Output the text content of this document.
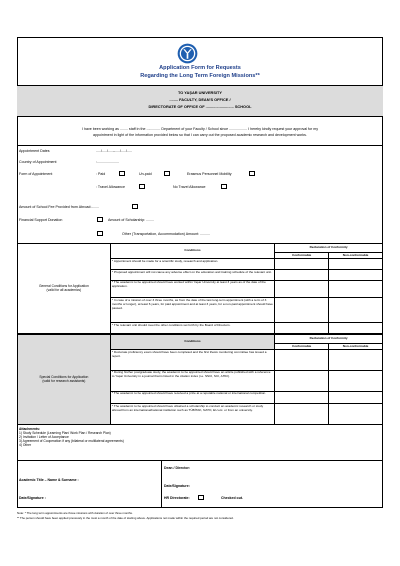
Application Form for Requests
Regarding the Long Term Foreign Missions**
TO YAŞAR UNIVERSITY
........ FACULTY, DEAN'S OFFICE /
DIRECTORATE OF OFFICE OF .......................... SCHOOL
I have been working as ........ staff in the .............. Department of your Faculty / School since .................. I hereby kindly request your approval for my
appointment in light of the information provided below so that I can carry out the proposed academic research and development works.
Appointment Dates	...../...../.....–...../...../.....
Country of Appointment	:......................
Form of Appointment	: Paid	Un-paid	Erasmus Personnel Mobility
: Travel Allowance	No Travel Allowance
Amount of School Fee Provided from Abroad:........
Financial Support Donation	Amount of Scholarship: ........
Other (Transportation, Accommodation) Amount: ..........
General Conditions for Application
(valid for all academics)	Conditions	Declaration of Conformity	
		Conformable	Non-conformable
	* Appointment should be made for a scientific study, research and application.		
	* Proposed appointment will not cause any adverse effect on the education and training schedule of the relevant unit.		
	* The academic to be appointed should have worked within Yaşar University at least 3 years as of the date of the application.		
	* In case of a mission of over 3 three months, as from the date of the last long-term appointment (with a term of 3 months or longer), at least 6 years, for paid appointment and at least 3 years, for a non-paid appointment should have passed.		
	* The relevant unit should meet the other conditions set forth by the Board of Directors.		
Special Conditions for Application
(valid for research assistants)	Conditions	Declaration of Conformity	
		Conformable	Non-conformable
	* Doctorate proficiency exam should have been completed and the first thesis monitoring committee has issued a report.		
	* During his/her postgraduate study, the academic to be appointed should have an article published with a reference to Yaşar University in a journal that is listed in the citation index (i.e. SSCI, SCI, AHCI).		
	* The academic to be appointed should have received a prize at a reputable national or international competition.		
	* The academic to be appointed should have obtained a scholarship to conduct an academic research or study abroad from an international/national institution such as TÜBİTAK, NATO, EU etc. or from an university.		
Attachments:
1) Study Schedule (Learning Plan/ Work Plan / Research Plan)
2) Invitation / Letter of Acceptance
3) Agreement of Cooperation if any (bilateral or multilateral agreements)
4) Other
Dean / Director:
Academic Title – Name & Surname :
Date/Signature:
Date/Signature :	HR Directorate:	Checked out.
Note: * The long term appointments are those missions with duration of over three months.
** The person should have been applied previously in the most a month of the date of starting above. Applications not made within the required period are not considered.
